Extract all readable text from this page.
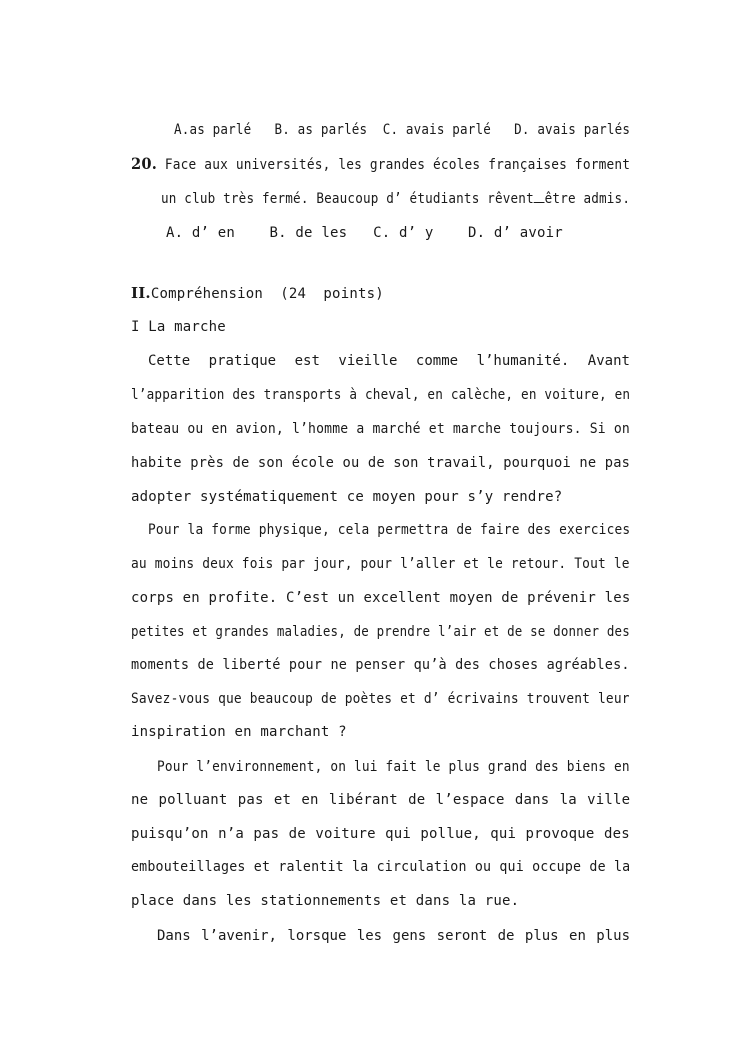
A.as parlé   B. as parlés  C. avais parlé   D. avais parlés
20. Face aux universités, les grandes écoles françaises forment
un club très fermé. Beaucoup d’ étudiants rêvent être admis.
A. d’ en    B. de les   C. d’ y    D. d’ avoir
II.Compréhension  (24  points)
I La marche
Cette pratique est vieille comme l’humanité. Avant
l’apparition des transports à cheval, en calèche, en voiture, en
bateau ou en avion, l’homme a marché et marche toujours. Si on
habite près de son école ou de son travail, pourquoi ne pas
adopter systématiquement ce moyen pour s’y rendre?
Pour la forme physique, cela permettra de faire des exercices
au moins deux fois par jour, pour l’aller et le retour. Tout le
corps en profite. C’est un excellent moyen de prévenir les
petites et grandes maladies, de prendre l’air et de se donner des
moments de liberté pour ne penser qu’à des choses agréables.
Savez-vous que beaucoup de poètes et d’ écrivains trouvent leur
inspiration en marchant ?
Pour l’environnement, on lui fait le plus grand des biens en
ne polluant pas et en libérant de l’espace dans la ville
puisqu’on n’a pas de voiture qui pollue, qui provoque des
embouteillages et ralentit la circulation ou qui occupe de la
place dans les stationnements et dans la rue.
Dans l’avenir, lorsque les gens seront de plus en plus
